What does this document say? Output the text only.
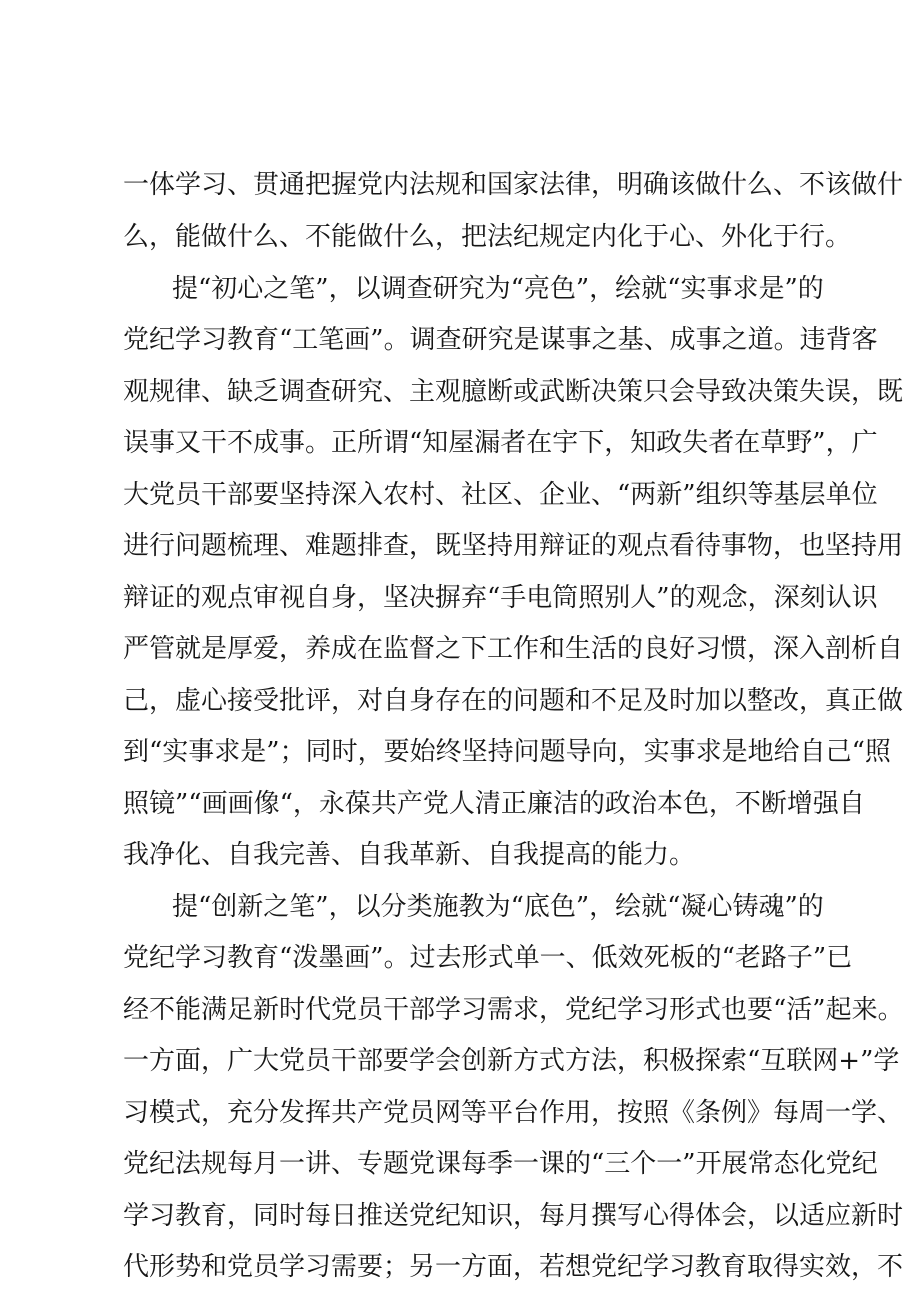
一体学习、贯通把握党内法规和国家法律，明确该做什么、不该做什
么，能做什么、不能做什么，把法纪规定内化于心、外化于行。
提“初心之笔”，以调查研究为“亮色”，绘就“实事求是”的
党纪学习教育“工笔画”。调查研究是谋事之基、成事之道。违背客
观规律、缺乏调查研究、主观臆断或武断决策只会导致决策失误，既
误事又干不成事。正所谓“知屋漏者在宇下，知政失者在草野”，广
大党员干部要坚持深入农村、社区、企业、“两新”组织等基层单位
进行问题梳理、难题排查，既坚持用辩证的观点看待事物，也坚持用
辩证的观点审视自身，坚决摒弃“手电筒照别人”的观念，深刻认识
严管就是厚爱，养成在监督之下工作和生活的良好习惯，深入剖析自
己，虚心接受批评，对自身存在的问题和不足及时加以整改，真正做
到“实事求是”；同时，要始终坚持问题导向，实事求是地给自己“照
照镜”“画画像“，永葆共产党人清正廉洁的政治本色，不断增强自
我净化、自我完善、自我革新、自我提高的能力。
提“创新之笔”，以分类施教为“底色”，绘就“凝心铸魂”的
党纪学习教育“泼墨画”。过去形式单一、低效死板的“老路子”已
经不能满足新时代党员干部学习需求，党纪学习形式也要“活”起来。
一方面，广大党员干部要学会创新方式方法，积极探索“互联网+”学
习模式，充分发挥共产党员网等平台作用，按照《条例》每周一学、
党纪法规每月一讲、专题党课每季一课的“三个一”开展常态化党纪
学习教育，同时每日推送党纪知识，每月撰写心得体会，以适应新时
代形势和党员学习需要；另一方面，若想党纪学习教育取得实效，不
